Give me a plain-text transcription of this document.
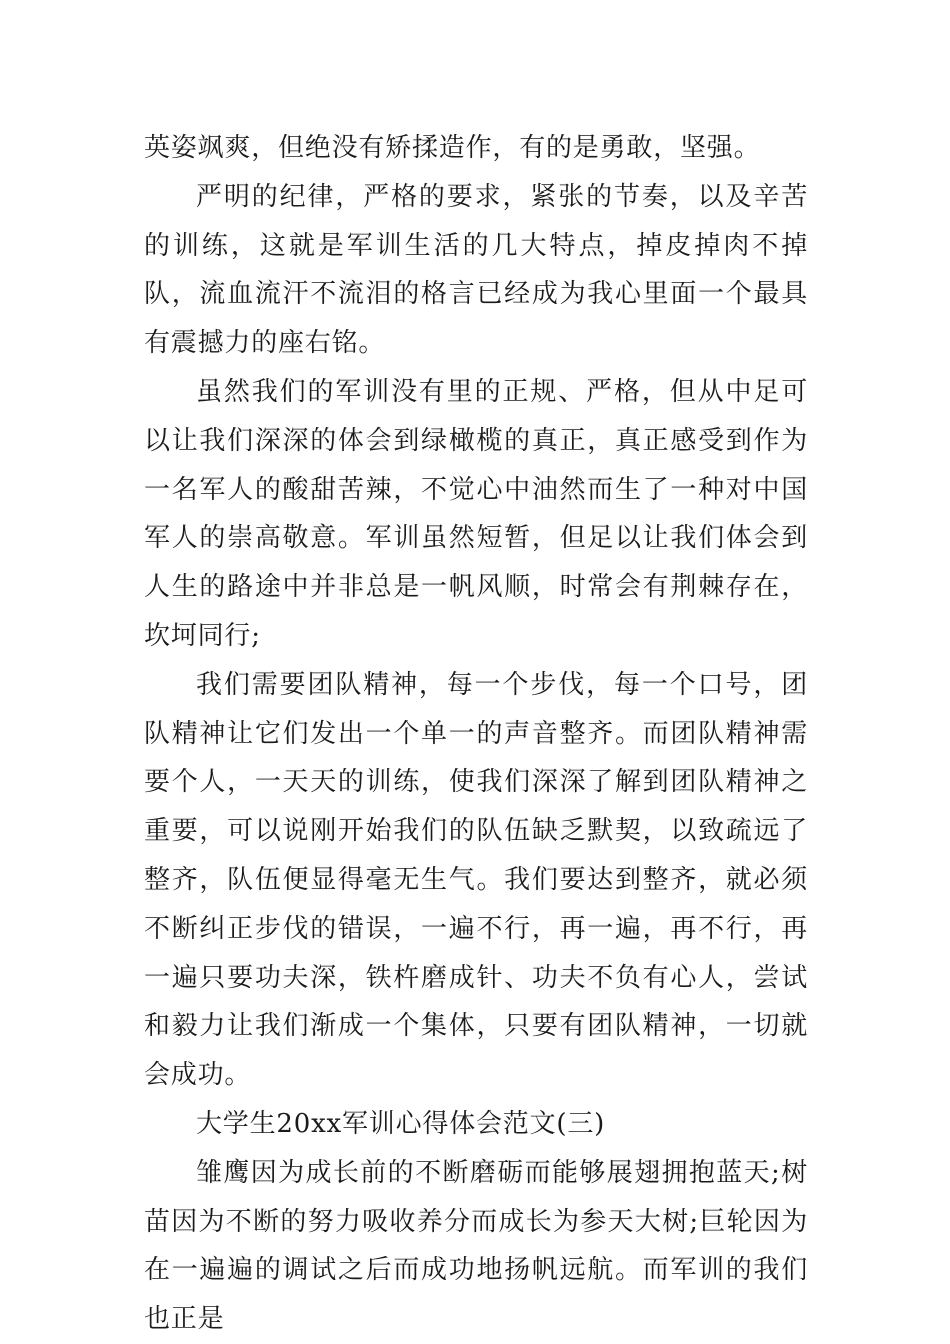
英姿飒爽，但绝没有矫揉造作，有的是勇敢，坚强。

严明的纪律，严格的要求，紧张的节奏，以及辛苦的训练，这就是军训生活的几大特点，掉皮掉肉不掉队，流血流汗不流泪的格言已经成为我心里面一个最具有震撼力的座右铭。

虽然我们的军训没有里的正规、严格，但从中足可以让我们深深的体会到绿橄榄的真正，真正感受到作为一名军人的酸甜苦辣，不觉心中油然而生了一种对中国军人的崇高敬意。军训虽然短暂，但足以让我们体会到人生的路途中并非总是一帆风顺，时常会有荆棘存在，坎坷同行;

我们需要团队精神，每一个步伐，每一个口号，团队精神让它们发出一个单一的声音整齐。而团队精神需要个人，一天天的训练，使我们深深了解到团队精神之重要，可以说刚开始我们的队伍缺乏默契，以致疏远了整齐，队伍便显得毫无生气。我们要达到整齐，就必须不断纠正步伐的错误，一遍不行，再一遍，再不行，再一遍只要功夫深，铁杵磨成针、功夫不负有心人，尝试和毅力让我们渐成一个集体，只要有团队精神，一切就会成功。

大学生20xx军训心得体会范文(三)

雏鹰因为成长前的不断磨砺而能够展翅拥抱蓝天;树苗因为不断的努力吸收养分而成长为参天大树;巨轮因为在一遍遍的调试之后而成功地扬帆远航。而军训的我们也正是
